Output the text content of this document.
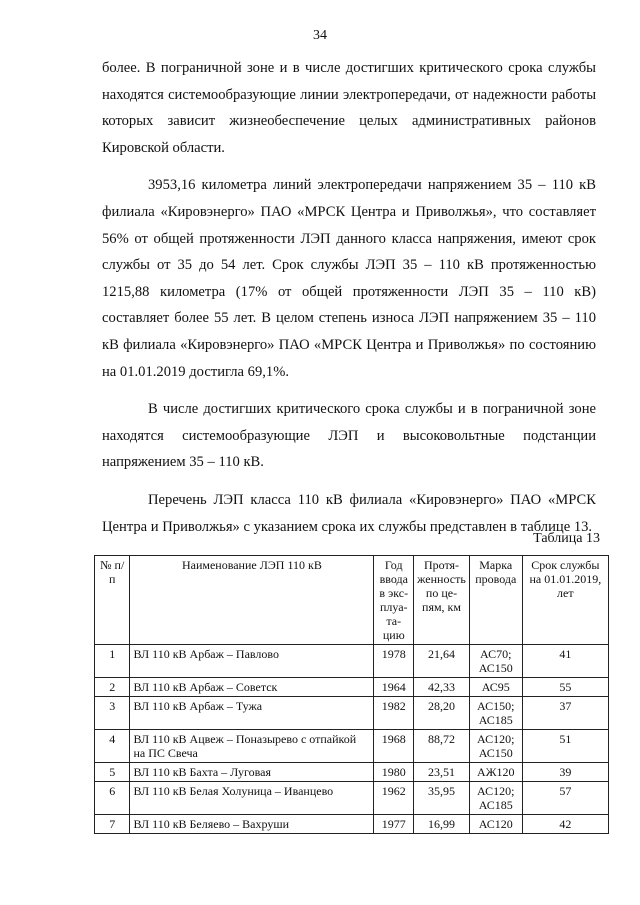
34

более. В пограничной зоне и в числе достигших критического срока службы находятся системообразующие линии электропередачи, от надежности работы которых зависит жизнеобеспечение целых административных районов Кировской области.

3953,16 километра линий электропередачи напряжением 35 – 110 кВ филиала «Кировэнерго» ПАО «МРСК Центра и Приволжья», что составляет 56% от общей протяженности ЛЭП данного класса напряжения, имеют срок службы от 35 до 54 лет. Срок службы ЛЭП 35 – 110 кВ протяженностью 1215,88 километра (17% от общей протяженности ЛЭП 35 – 110 кВ) составляет более 55 лет. В целом степень износа ЛЭП напряжением 35 – 110 кВ филиала «Кировэнерго» ПАО «МРСК Центра и Приволжья» по состоянию на 01.01.2019 достигла 69,1%.

В числе достигших критического срока службы и в пограничной зоне находятся системообразующие ЛЭП и высоковольтные подстанции напряжением 35 – 110 кВ.

Перечень ЛЭП класса 110 кВ филиала «Кировэнерго» ПАО «МРСК Центра и Приволжья» с указанием срока их службы представлен в таблице 13.

Таблица 13
№ п/п	Наименование ЛЭП 110 кВ	Год ввода в экс-плуа-та-цию	Протя-женность по це-пям, км	Марка провода	Срок службы на 01.01.2019, лет
1	ВЛ 110 кВ Арбаж – Павлово	1978	21,64	АС70; АС150	41
2	ВЛ 110 кВ Арбаж – Советск	1964	42,33	АС95	55
3	ВЛ 110 кВ Арбаж – Тужа	1982	28,20	АС150; АС185	37
4	ВЛ 110 кВ Ацвеж – Поназырево с отпайкой на ПС Свеча	1968	88,72	АС120; АС150	51
5	ВЛ 110 кВ Бахта – Луговая	1980	23,51	АЖ120	39
6	ВЛ 110 кВ Белая Холуница – Иванцево	1962	35,95	АС120; АС185	57
7	ВЛ 110 кВ Беляево – Вахруши	1977	16,99	АС120	42
